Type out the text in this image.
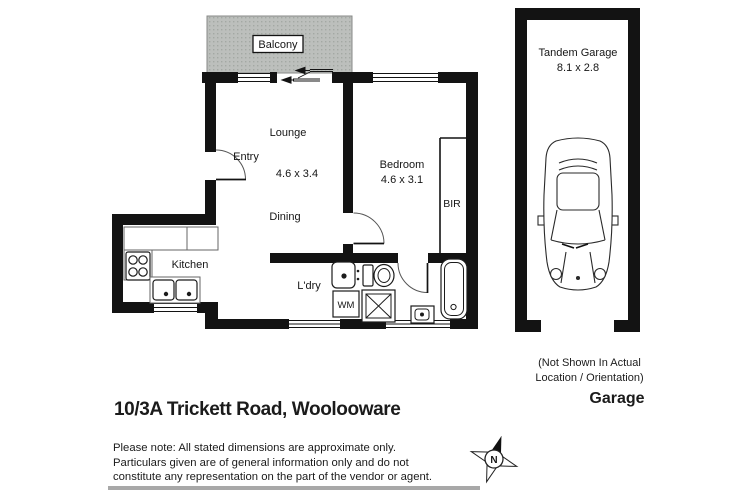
Balcony
Entry
Lounge
4.6 x 3.4
Dining
Kitchen
Bedroom
4.6 x 3.1
BIR
L'dry
WM
Tandem Garage
8.1 x 2.8
N
(Not Shown In Actual
Location / Orientation)
Garage
10/3A Trickett Road, Woolooware
Please note: All stated dimensions are approximate only.
Particulars given are of general information only and do not
constitute any representation on the part of the vendor or agent.
